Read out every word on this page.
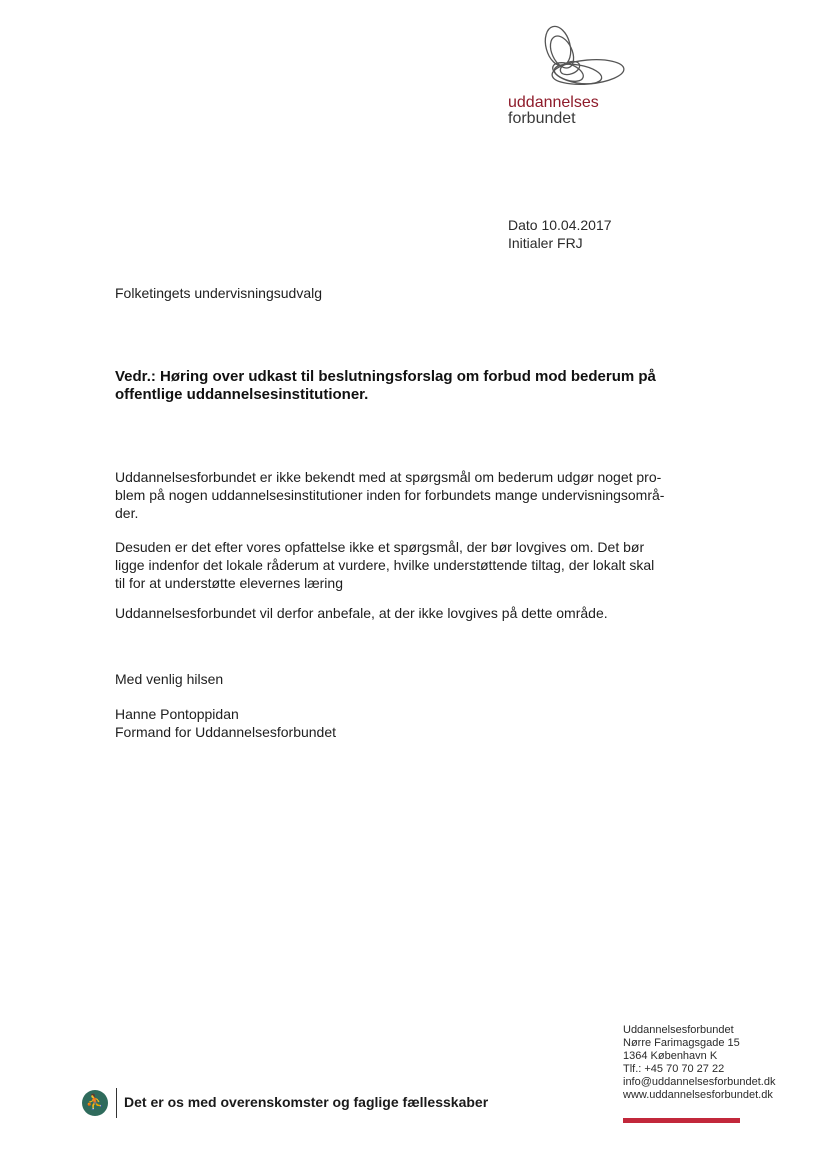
uddannelses
forbundet
Dato 10.04.2017
Initialer FRJ
Folketingets undervisningsudvalg
Vedr.: Høring over udkast til beslutningsforslag om forbud mod bederum på
offentlige uddannelsesinstitutioner.
Uddannelsesforbundet er ikke bekendt med at spørgsmål om bederum udgør noget pro-
blem på nogen uddannelsesinstitutioner inden for forbundets mange undervisningsområ-
der.
Desuden er det efter vores opfattelse ikke et spørgsmål, der bør lovgives om. Det bør
ligge indenfor det lokale råderum at vurdere, hvilke understøttende tiltag, der lokalt skal
til for at understøtte elevernes læring
Uddannelsesforbundet vil derfor anbefale, at der ikke lovgives på dette område.
Med venlig hilsen
Hanne Pontoppidan
Formand for Uddannelsesforbundet
Uddannelsesforbundet
Nørre Farimagsgade 15
1364 København K
Tlf.: +45 70 70 27 22
info@uddannelsesforbundet.dk
www.uddannelsesforbundet.dk
⛹ Det er os med overenskomster og faglige fællesskaber
